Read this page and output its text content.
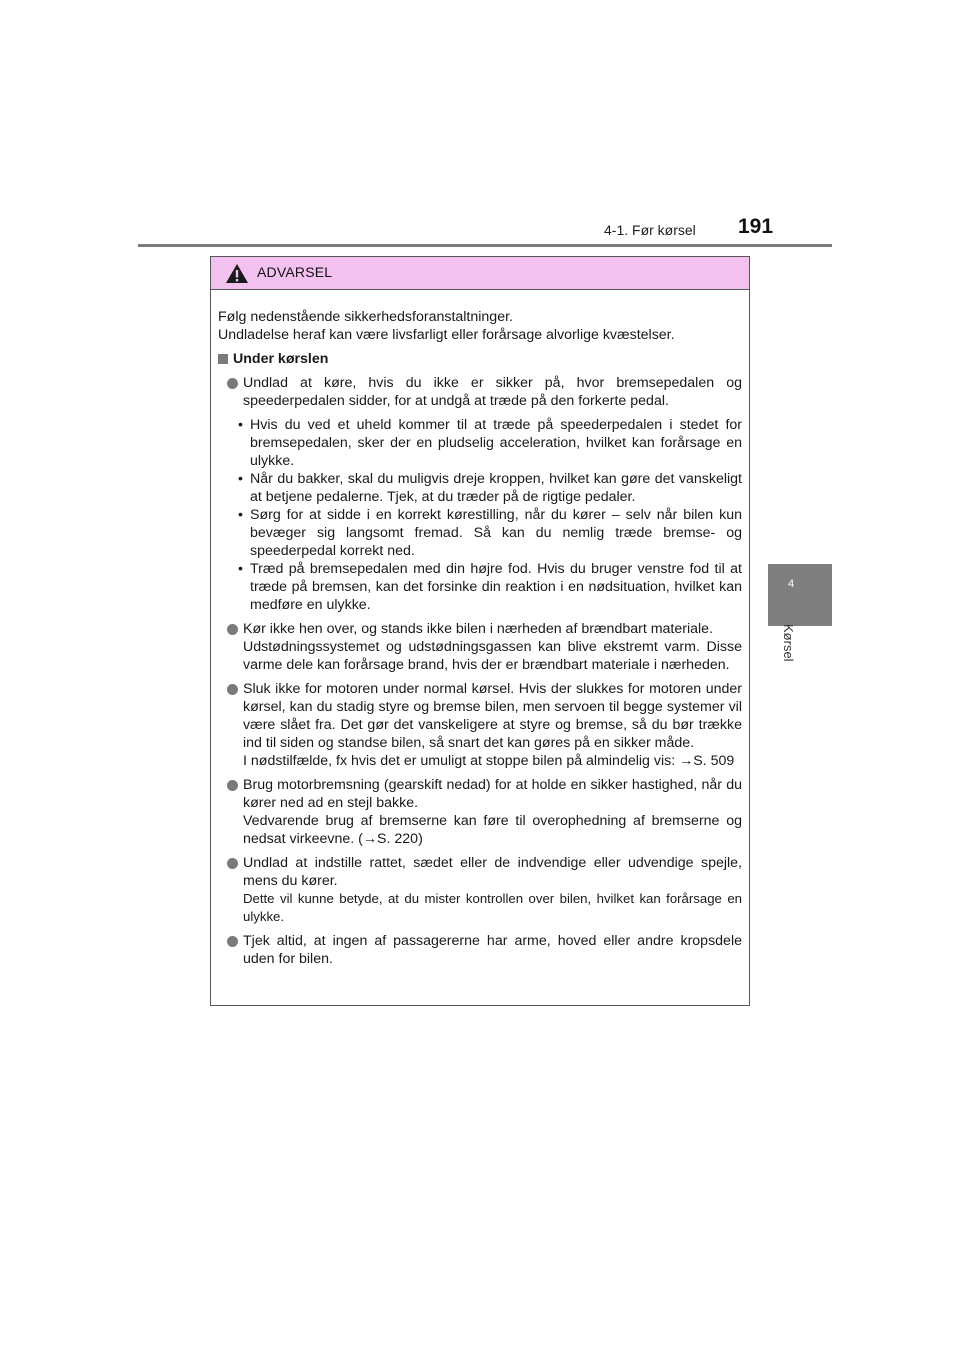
4-1. Før kørsel 191
4
Kørsel
ADVARSEL
Følg nedenstående sikkerhedsforanstaltninger.
Undladelse heraf kan være livsfarligt eller forårsage alvorlige kvæstelser.
Under kørslen
Undlad at køre, hvis du ikke er sikker på, hvor bremsepedalen og speederpedalen sidder, for at undgå at træde på den forkerte pedal.
• Hvis du ved et uheld kommer til at træde på speederpedalen i stedet for bremsepedalen, sker der en pludselig acceleration, hvilket kan forårsage en ulykke.
• Når du bakker, skal du muligvis dreje kroppen, hvilket kan gøre det vanskeligt at betjene pedalerne. Tjek, at du træder på de rigtige pedaler.
• Sørg for at sidde i en korrekt kørestilling, når du kører – selv når bilen kun bevæger sig langsomt fremad. Så kan du nemlig træde bremse- og speederpedal korrekt ned.
• Træd på bremsepedalen med din højre fod. Hvis du bruger venstre fod til at træde på bremsen, kan det forsinke din reaktion i en nødsituation, hvilket kan medføre en ulykke.
Kør ikke hen over, og stands ikke bilen i nærheden af brændbart materiale.
Udstødningssystemet og udstødningsgassen kan blive ekstremt varm. Disse varme dele kan forårsage brand, hvis der er brændbart materiale i nærheden.
Sluk ikke for motoren under normal kørsel. Hvis der slukkes for motoren under kørsel, kan du stadig styre og bremse bilen, men servoen til begge systemer vil være slået fra. Det gør det vanskeligere at styre og bremse, så du bør trække ind til siden og standse bilen, så snart det kan gøres på en sikker måde.
I nødstilfælde, fx hvis det er umuligt at stoppe bilen på almindelig vis: →S. 509
Brug motorbremsning (gearskift nedad) for at holde en sikker hastighed, når du kører ned ad en stejl bakke.
Vedvarende brug af bremserne kan føre til overophedning af bremserne og nedsat virkeevne. (→S. 220)
Undlad at indstille rattet, sædet eller de indvendige eller udvendige spejle, mens du kører.
Dette vil kunne betyde, at du mister kontrollen over bilen, hvilket kan forårsage en ulykke.
Tjek altid, at ingen af passagererne har arme, hoved eller andre kropsdele uden for bilen.
